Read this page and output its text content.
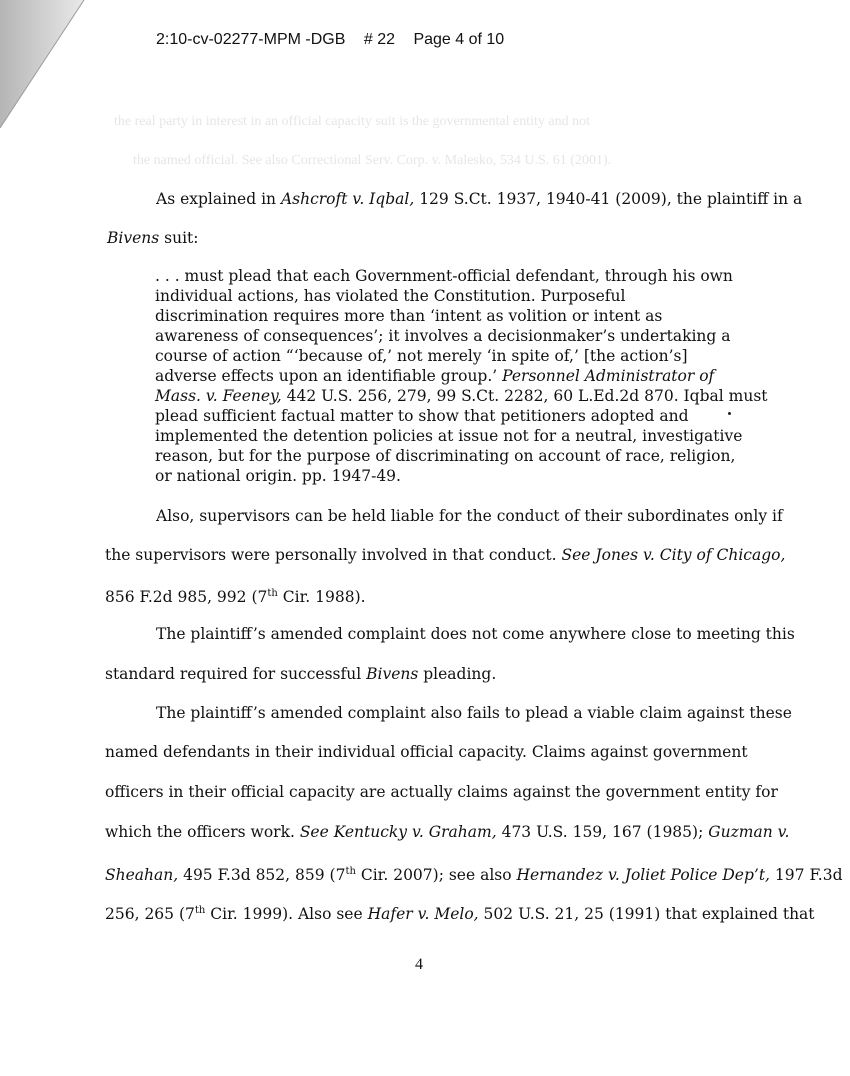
2:10-cv-02277-MPM -DGB # 22 Page 4 of 10
the real party in interest in an official capacity suit is the governmental entity and not
the named official. See also Correctional Serv. Corp. v. Malesko, 534 U.S. 61 (2001).
As explained in Ashcroft v. Iqbal, 129 S.Ct. 1937, 1940-41 (2009), the plaintiff in a
Bivens suit:
. . . must plead that each Government-official defendant, through his own
individual actions, has violated the Constitution. Purposeful
discrimination requires more than ‘intent as volition or intent as
awareness of consequences’; it involves a decisionmaker’s undertaking a
course of action “‘because of,’ not merely ‘in spite of,’ [the action’s]
adverse effects upon an identifiable group.’ Personnel Administrator of
Mass. v. Feeney, 442 U.S. 256, 279, 99 S.Ct. 2282, 60 L.Ed.2d 870. Iqbal must
plead sufficient factual matter to show that petitioners adopted and
implemented the detention policies at issue not for a neutral, investigative
reason, but for the purpose of discriminating on account of race, religion,
or national origin. pp. 1947-49.
Also, supervisors can be held liable for the conduct of their subordinates only if
the supervisors were personally involved in that conduct. See Jones v. City of Chicago,
856 F.2d 985, 992 (7th Cir. 1988).
The plaintiff’s amended complaint does not come anywhere close to meeting this
standard required for successful Bivens pleading.
The plaintiff’s amended complaint also fails to plead a viable claim against these
named defendants in their individual official capacity. Claims against government
officers in their official capacity are actually claims against the government entity for
which the officers work. See Kentucky v. Graham, 473 U.S. 159, 167 (1985); Guzman v.
Sheahan, 495 F.3d 852, 859 (7th Cir. 2007); see also Hernandez v. Joliet Police Dep’t, 197 F.3d
256, 265 (7th Cir. 1999). Also see Hafer v. Melo, 502 U.S. 21, 25 (1991) that explained that
4
